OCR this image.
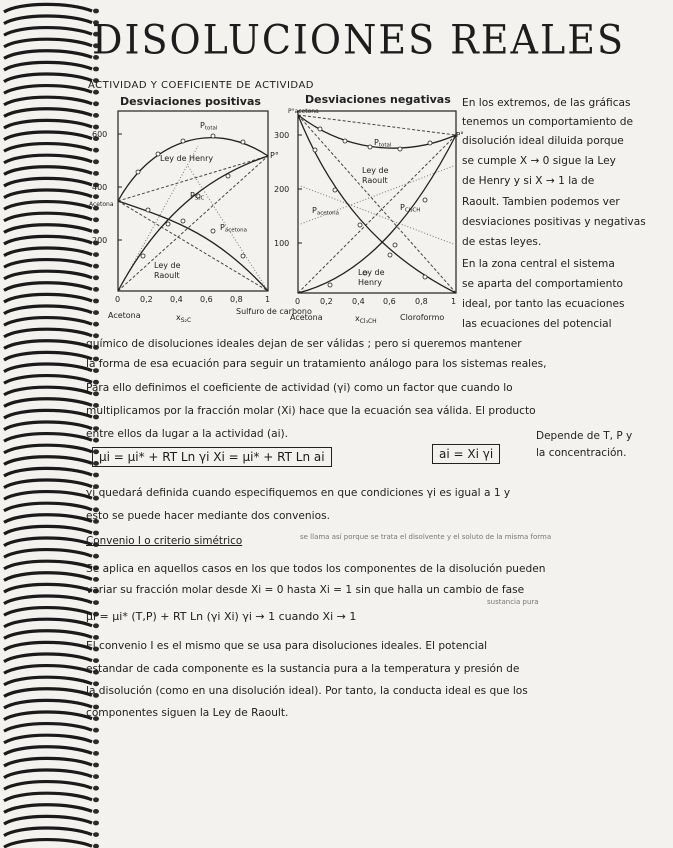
DISOLUCIONES REALES
ACTIVIDAD Y COEFICIENTE DE ACTIVIDAD
Desviaciones positivas
600
400
200
Acetona
0 0,2 0,4 0,6 0,8	1
Acetona	$x_{S_2C}$
Sulfuro de carbono
Ptotal
Ley de Henry
PS₂C
Pacetona
Ley de Raoult
P°
Desviaciones negativas
300
200
100
P°acetona
0 0,2 0,4 0,6 0,8	1
Acetona	$x_{Cl_3CH}$	Cloroformo
Ptotal
Ley de Raoult
Pacetona
PCl₃CH
Ley de Henry
P°
En los extremos, de las gráficas
tenemos un comportamiento de
disolución ideal diluida porque
se cumple X → 0 sigue la Ley
de Henry y si X → 1 la de
Raoult. Tambien podemos ver
desviaciones positivas y negativas
de estas leyes.
En la zona central el sistema
se aparta del comportamiento
ideal, por tanto las ecuaciones
las ecuaciones del potencial
químico de disoluciones ideales dejan de ser válidas ; pero si queremos mantener
la forma de esa ecuación para seguir un tratamiento análogo para los sistemas reales,
Para ello definimos el coeficiente de actividad (γi) como un factor que cuando lo
multiplicamos por la fracción molar (Xi) hace que la ecuación sea válida. El producto
entre ellos da lugar a la actividad (ai).
μi = μi* + RT Ln γi Xi = μi* + RT Ln ai	ai = Xi γi
Depende de T, P y
la concentración.
γi quedará definida cuando especifiquemos en que condiciones γi es igual a 1 y
esto se puede hacer mediante dos convenios.
Convenio I o criterio simétrico	se llama así porque se trata el disolvente y el soluto de la misma forma
Se aplica en aquellos casos en los que todos los componentes de la disolución pueden
variar su fracción molar desde Xi = 0 hasta Xi = 1 sin que halla un cambio de fase
sustancia pura
μi = μi* (T,P) + RT Ln (γi Xi) γi → 1 cuando Xi → 1
El convenio I es el mismo que se usa para disoluciones ideales. El potencial
estandar de cada componente es la sustancia pura a la temperatura y presión de
la disolución (como en una disolución ideal). Por tanto, la conducta ideal es que los
componentes siguen la Ley de Raoult.
